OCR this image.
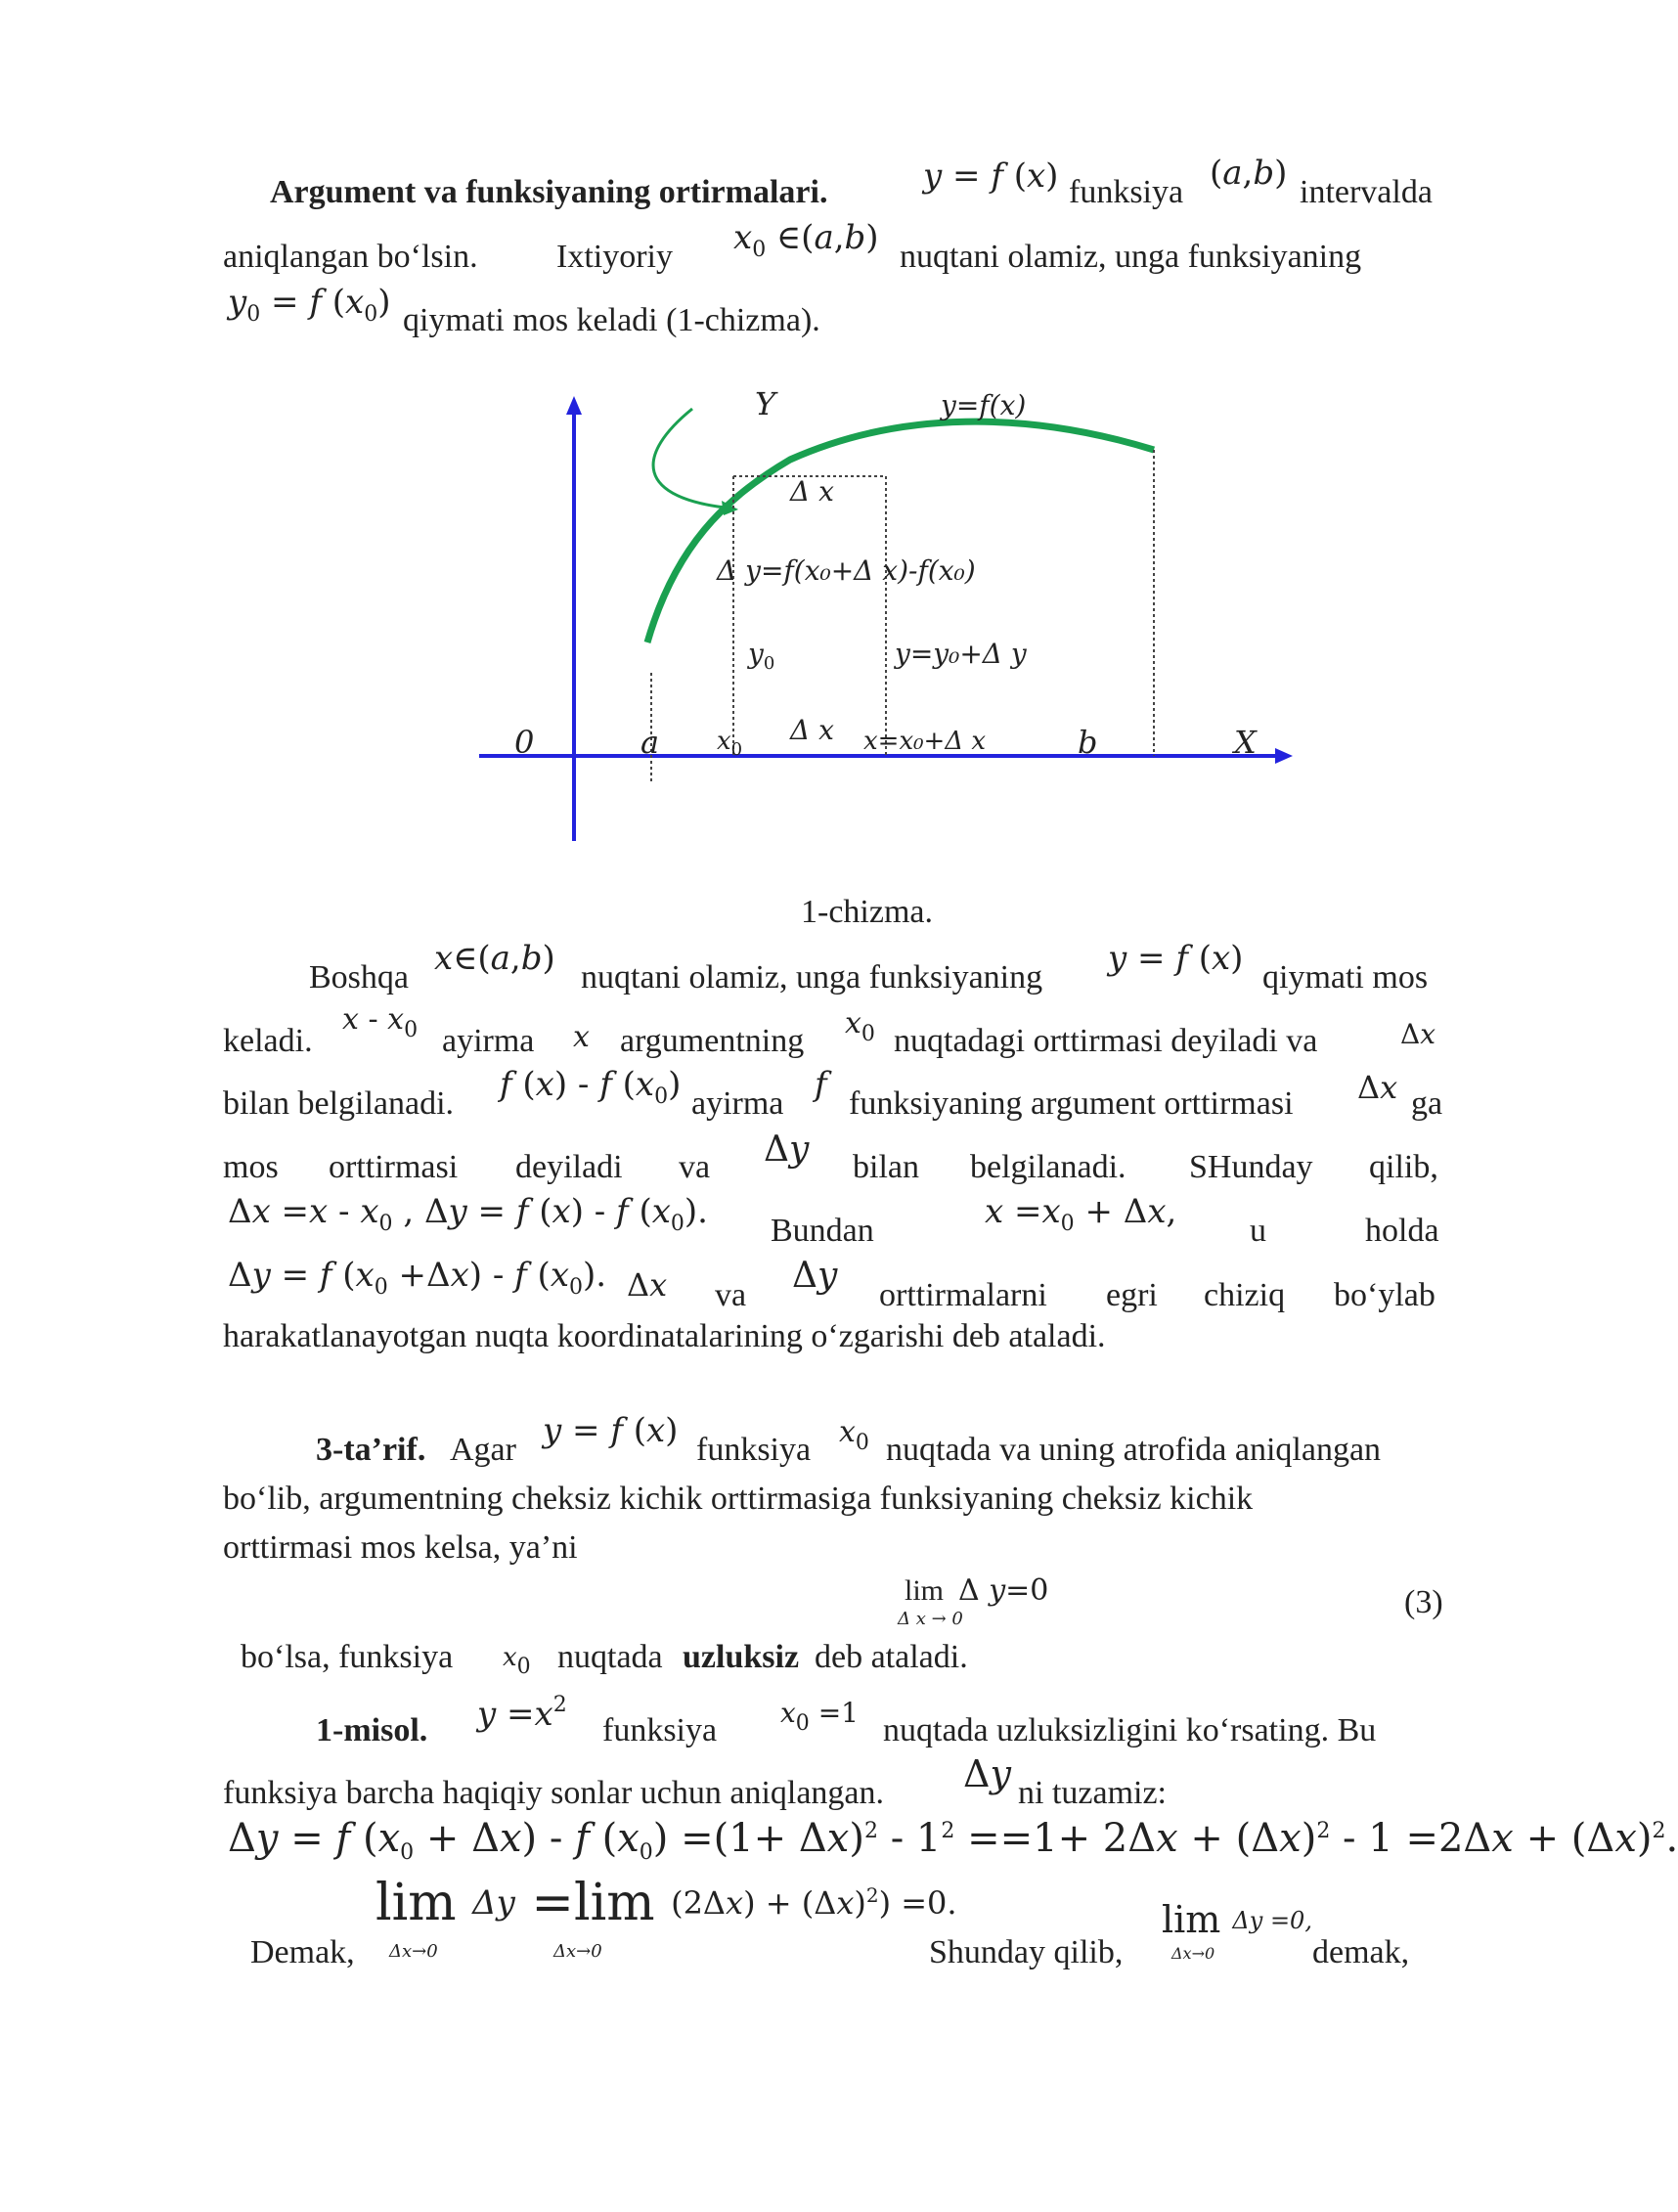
Argument va funksiyaning ortirmalari.	y = f (x) funksiya (a,b) intervalda
aniqlangan bo‘lsin. Ixtiyoriy $x_0$ ∈(a,b) nuqtani olamiz, unga funksiyaning
$y_0 = f$ $(x_0)$ qiymati mos keladi (1-chizma).
Y	y=f(x)
Δ x
Δ y=f(x₀+Δ x)-f(x₀)
$y_0$	y=y₀+Δ y
0	a $x_0$
Δ x x=x₀+Δ x	b	X
1-chizma.
Boshqa x∈(a,b) nuqtani olamiz, unga funksiyaning y = f (x) qiymati mos
keladi.
x - $x_0$ ayirma x argumentning $x_0$ nuqtadagi orttirmasi deyiladi va	Δx
bilan belgilanadi. f (x) - f $(x_0)$ ayirma f funksiyaning argument orttirmasi Δx ga
mos orttirmasi deyiladi va Δy bilan belgilanadi. SHunday qilib,
$\Delta x =x - x_0$ , Δy = f (x) - f $(x_0)$. Bundan	$x =x_0 + \Delta x$, u	holda
Δy = f $(x_0 +\Delta x) - f$ $(x_0)$. Δx va Δy orttirmalarni egri chiziq bo‘ylab
harakatlanayotgan nuqta koordinatalarining o‘zgarishi deb ataladi.
3-ta’rif. Agar y = f (x) funksiya $x_0$ nuqtada va uning atrofida aniqlangan
bo‘lib, argumentning cheksiz kichik orttirmasiga funksiyaning cheksiz kichik
orttirmasi mos kelsa, ya’ni
lim  Δ y=0
Δ x → 0	(3)
bo‘lsa, funksiya $x_0$ nuqtada uzluksiz deb ataladi.
1-misol. $y =x^2$
funksiya $x_0 =1$ nuqtada uzluksizligini ko‘rsating. Bu
funksiya barcha haqiqiy sonlar uchun aniqlangan. Δy ni tuzamiz:
Δy = f $(x_0 + \Delta x) - f$ $(x_0) =(1+ \Delta x)^2 - 1^2 ==1+ 2\Delta x + (\Delta x)^2 - 1 =2\Delta x + (\Delta x)^2$.
lim Δy =lim $(2\Delta x) + (\Delta x)^2) =0$.
Δx→0	Δx→0
Demak,	Shunday qilib,
lim Δy =0,
Δx→0	demak,
